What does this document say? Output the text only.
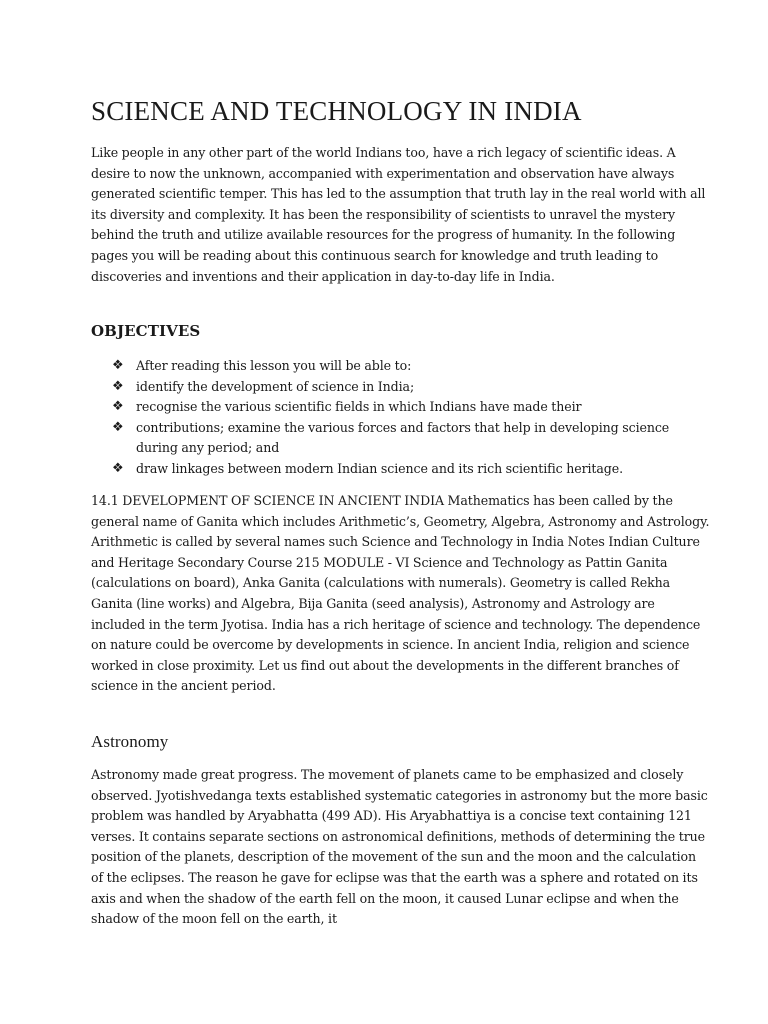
SCIENCE AND TECHNOLOGY IN INDIA

Like people in any other part of the world Indians too, have a rich legacy of scientific ideas. A desire to now the unknown, accompanied with experimentation and observation have always generated scientific temper. This has led to the assumption that truth lay in the real world with all its diversity and complexity. It has been the responsibility of scientists to unravel the mystery behind the truth and utilize available resources for the progress of humanity. In the following pages you will be reading about this continuous search for knowledge and truth leading to discoveries and inventions and their application in day-to-day life in India.

OBJECTIVES
❖ After reading this lesson you will be able to:
❖ identify the development of science in India;
❖ recognise the various scientific fields in which Indians have made their
❖ contributions; examine the various forces and factors that help in developing science during any period; and
❖ draw linkages between modern Indian science and its rich scientific heritage.

14.1 DEVELOPMENT OF SCIENCE IN ANCIENT INDIA Mathematics has been called by the general name of Ganita which includes Arithmetic’s, Geometry, Algebra, Astronomy and Astrology. Arithmetic is called by several names such Science and Technology in India Notes Indian Culture and Heritage Secondary Course 215 MODULE - VI Science and Technology as Pattin Ganita (calculations on board), Anka Ganita (calculations with numerals). Geometry is called Rekha Ganita (line works) and Algebra, Bija Ganita (seed analysis), Astronomy and Astrology are included in the term Jyotisa. India has a rich heritage of science and technology. The dependence on nature could be overcome by developments in science. In ancient India, religion and science worked in close proximity. Let us find out about the developments in the different branches of science in the ancient period.

Astronomy

Astronomy made great progress. The movement of planets came to be emphasized and closely observed. Jyotishvedanga texts established systematic categories in astronomy but the more basic problem was handled by Aryabhatta (499 AD). His Aryabhattiya is a concise text containing 121 verses. It contains separate sections on astronomical definitions, methods of determining the true position of the planets, description of the movement of the sun and the moon and the calculation of the eclipses. The reason he gave for eclipse was that the earth was a sphere and rotated on its axis and when the shadow of the earth fell on the moon, it caused Lunar eclipse and when the shadow of the moon fell on the earth, it
